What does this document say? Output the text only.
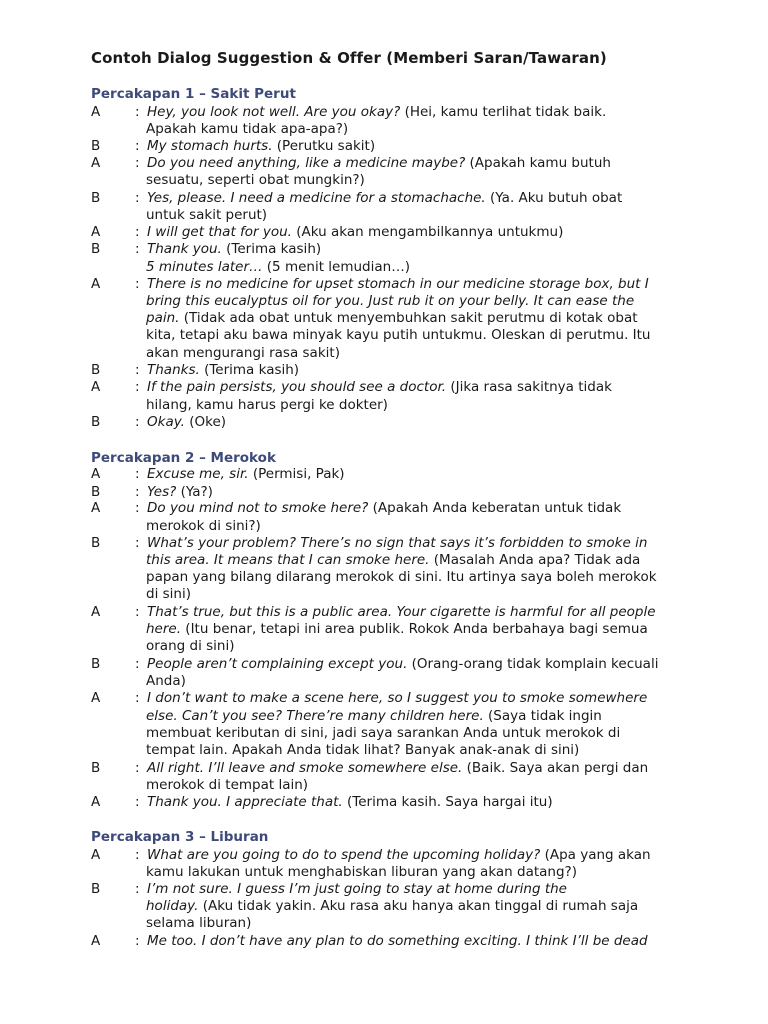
Contoh Dialog Suggestion & Offer (Memberi Saran/Tawaran)
Percakapan 1 – Sakit Perut
A	: Hey, you look not well. Are you okay? (Hei, kamu terlihat tidak baik.
Apakah kamu tidak apa-apa?)
B	: My stomach hurts. (Perutku sakit)
A	: Do you need anything, like a medicine maybe? (Apakah kamu butuh
sesuatu, seperti obat mungkin?)
B	: Yes, please. I need a medicine for a stomachache. (Ya. Aku butuh obat
untuk sakit perut)
A	: I will get that for you. (Aku akan mengambilkannya untukmu)
B	: Thank you. (Terima kasih)
5 minutes later… (5 menit lemudian…)
A	: There is no medicine for upset stomach in our medicine storage box, but I
bring this eucalyptus oil for you. Just rub it on your belly. It can ease the
pain. (Tidak ada obat untuk menyembuhkan sakit perutmu di kotak obat
kita, tetapi aku bawa minyak kayu putih untukmu. Oleskan di perutmu. Itu
akan mengurangi rasa sakit)
B	: Thanks. (Terima kasih)
A	: If the pain persists, you should see a doctor. (Jika rasa sakitnya tidak
hilang, kamu harus pergi ke dokter)
B	: Okay. (Oke)
Percakapan 2 – Merokok
A	: Excuse me, sir. (Permisi, Pak)
B	: Yes? (Ya?)
A	: Do you mind not to smoke here? (Apakah Anda keberatan untuk tidak
merokok di sini?)
B	: What’s your problem? There’s no sign that says it’s forbidden to smoke in
this area. It means that I can smoke here. (Masalah Anda apa? Tidak ada
papan yang bilang dilarang merokok di sini. Itu artinya saya boleh merokok
di sini)
A	: That’s true, but this is a public area. Your cigarette is harmful for all people
here. (Itu benar, tetapi ini area publik. Rokok Anda berbahaya bagi semua
orang di sini)
B	: People aren’t complaining except you. (Orang-orang tidak komplain kecuali
Anda)
A	: I don’t want to make a scene here, so I suggest you to smoke somewhere
else. Can’t you see? There’re many children here. (Saya tidak ingin
membuat keributan di sini, jadi saya sarankan Anda untuk merokok di
tempat lain. Apakah Anda tidak lihat? Banyak anak-anak di sini)
B	: All right. I’ll leave and smoke somewhere else. (Baik. Saya akan pergi dan
merokok di tempat lain)
A	: Thank you. I appreciate that. (Terima kasih. Saya hargai itu)
Percakapan 3 – Liburan
A	: What are you going to do to spend the upcoming holiday? (Apa yang akan
kamu lakukan untuk menghabiskan liburan yang akan datang?)
B	: I’m not sure. I guess I’m just going to stay at home during the
holiday. (Aku tidak yakin. Aku rasa aku hanya akan tinggal di rumah saja
selama liburan)
A	: Me too. I don’t have any plan to do something exciting. I think I’ll be dead
